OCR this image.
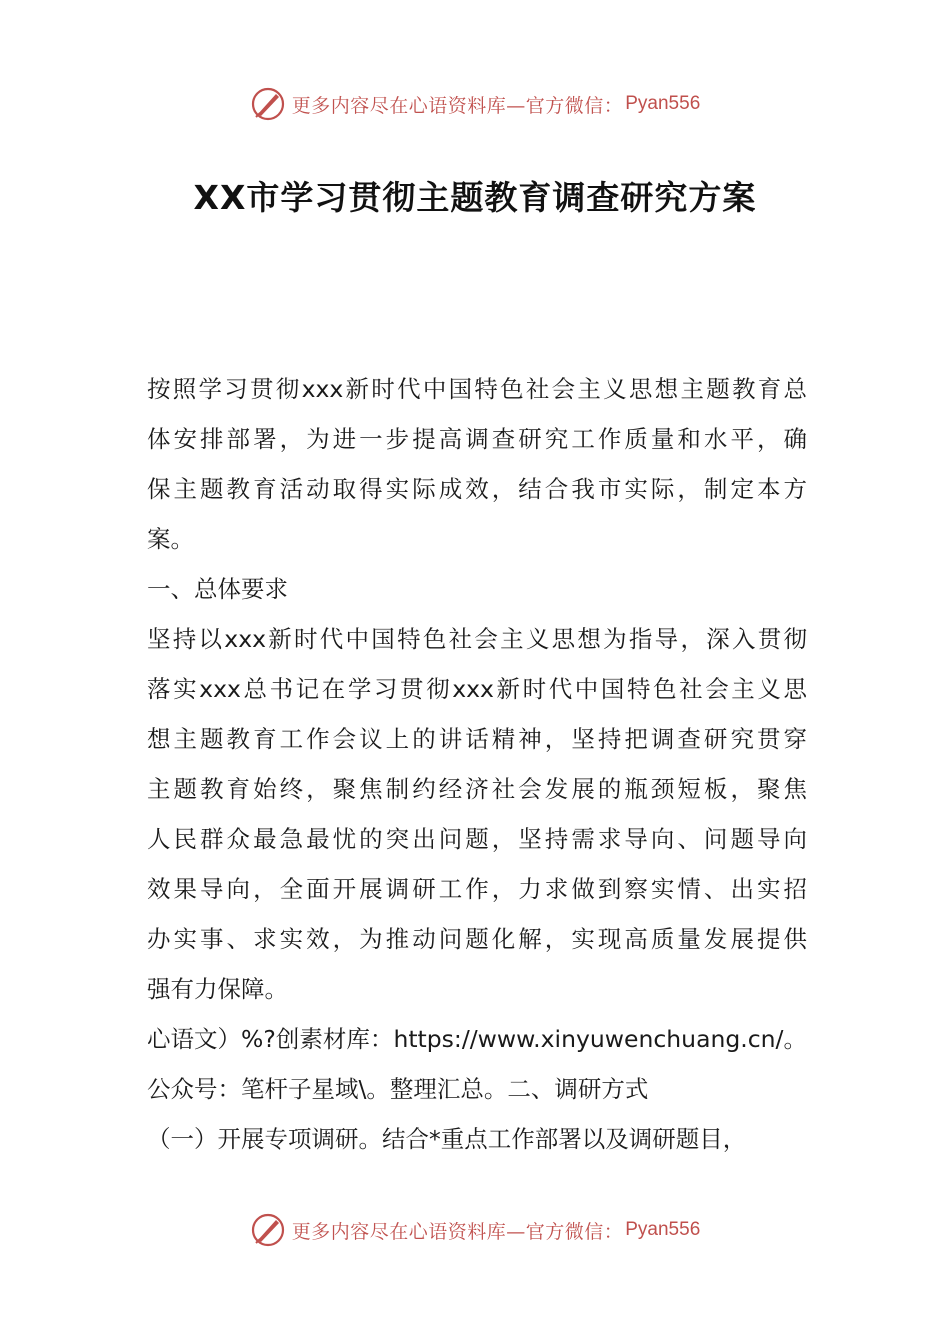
更多内容尽在心语资料库—官方微信： Pyan556
XX市学习贯彻主题教育调查研究方案
按照学习贯彻xxx新时代中国特色社会主义思想主题教育总
体安排部署，为进一步提高调查研究工作质量和水平，确
保主题教育活动取得实际成效，结合我市实际，制定本方
案。
一、总体要求
坚持以xxx新时代中国特色社会主义思想为指导，深入贯彻
落实xxx总书记在学习贯彻xxx新时代中国特色社会主义思
想主题教育工作会议上的讲话精神，坚持把调查研究贯穿
主题教育始终，聚焦制约经济社会发展的瓶颈短板，聚焦
人民群众最急最忧的突出问题，坚持需求导向、问题导向
效果导向，全面开展调研工作，力求做到察实情、出实招
办实事、求实效，为推动问题化解，实现高质量发展提供
强有力保障。
心语文）%?创素材库：https://www.xinyuwenchuang.cn/。
公众号：笔杆子星域\。整理汇总。二、调研方式
（一）开展专项调研。结合*重点工作部署以及调研题目，
更多内容尽在心语资料库—官方微信： Pyan556
